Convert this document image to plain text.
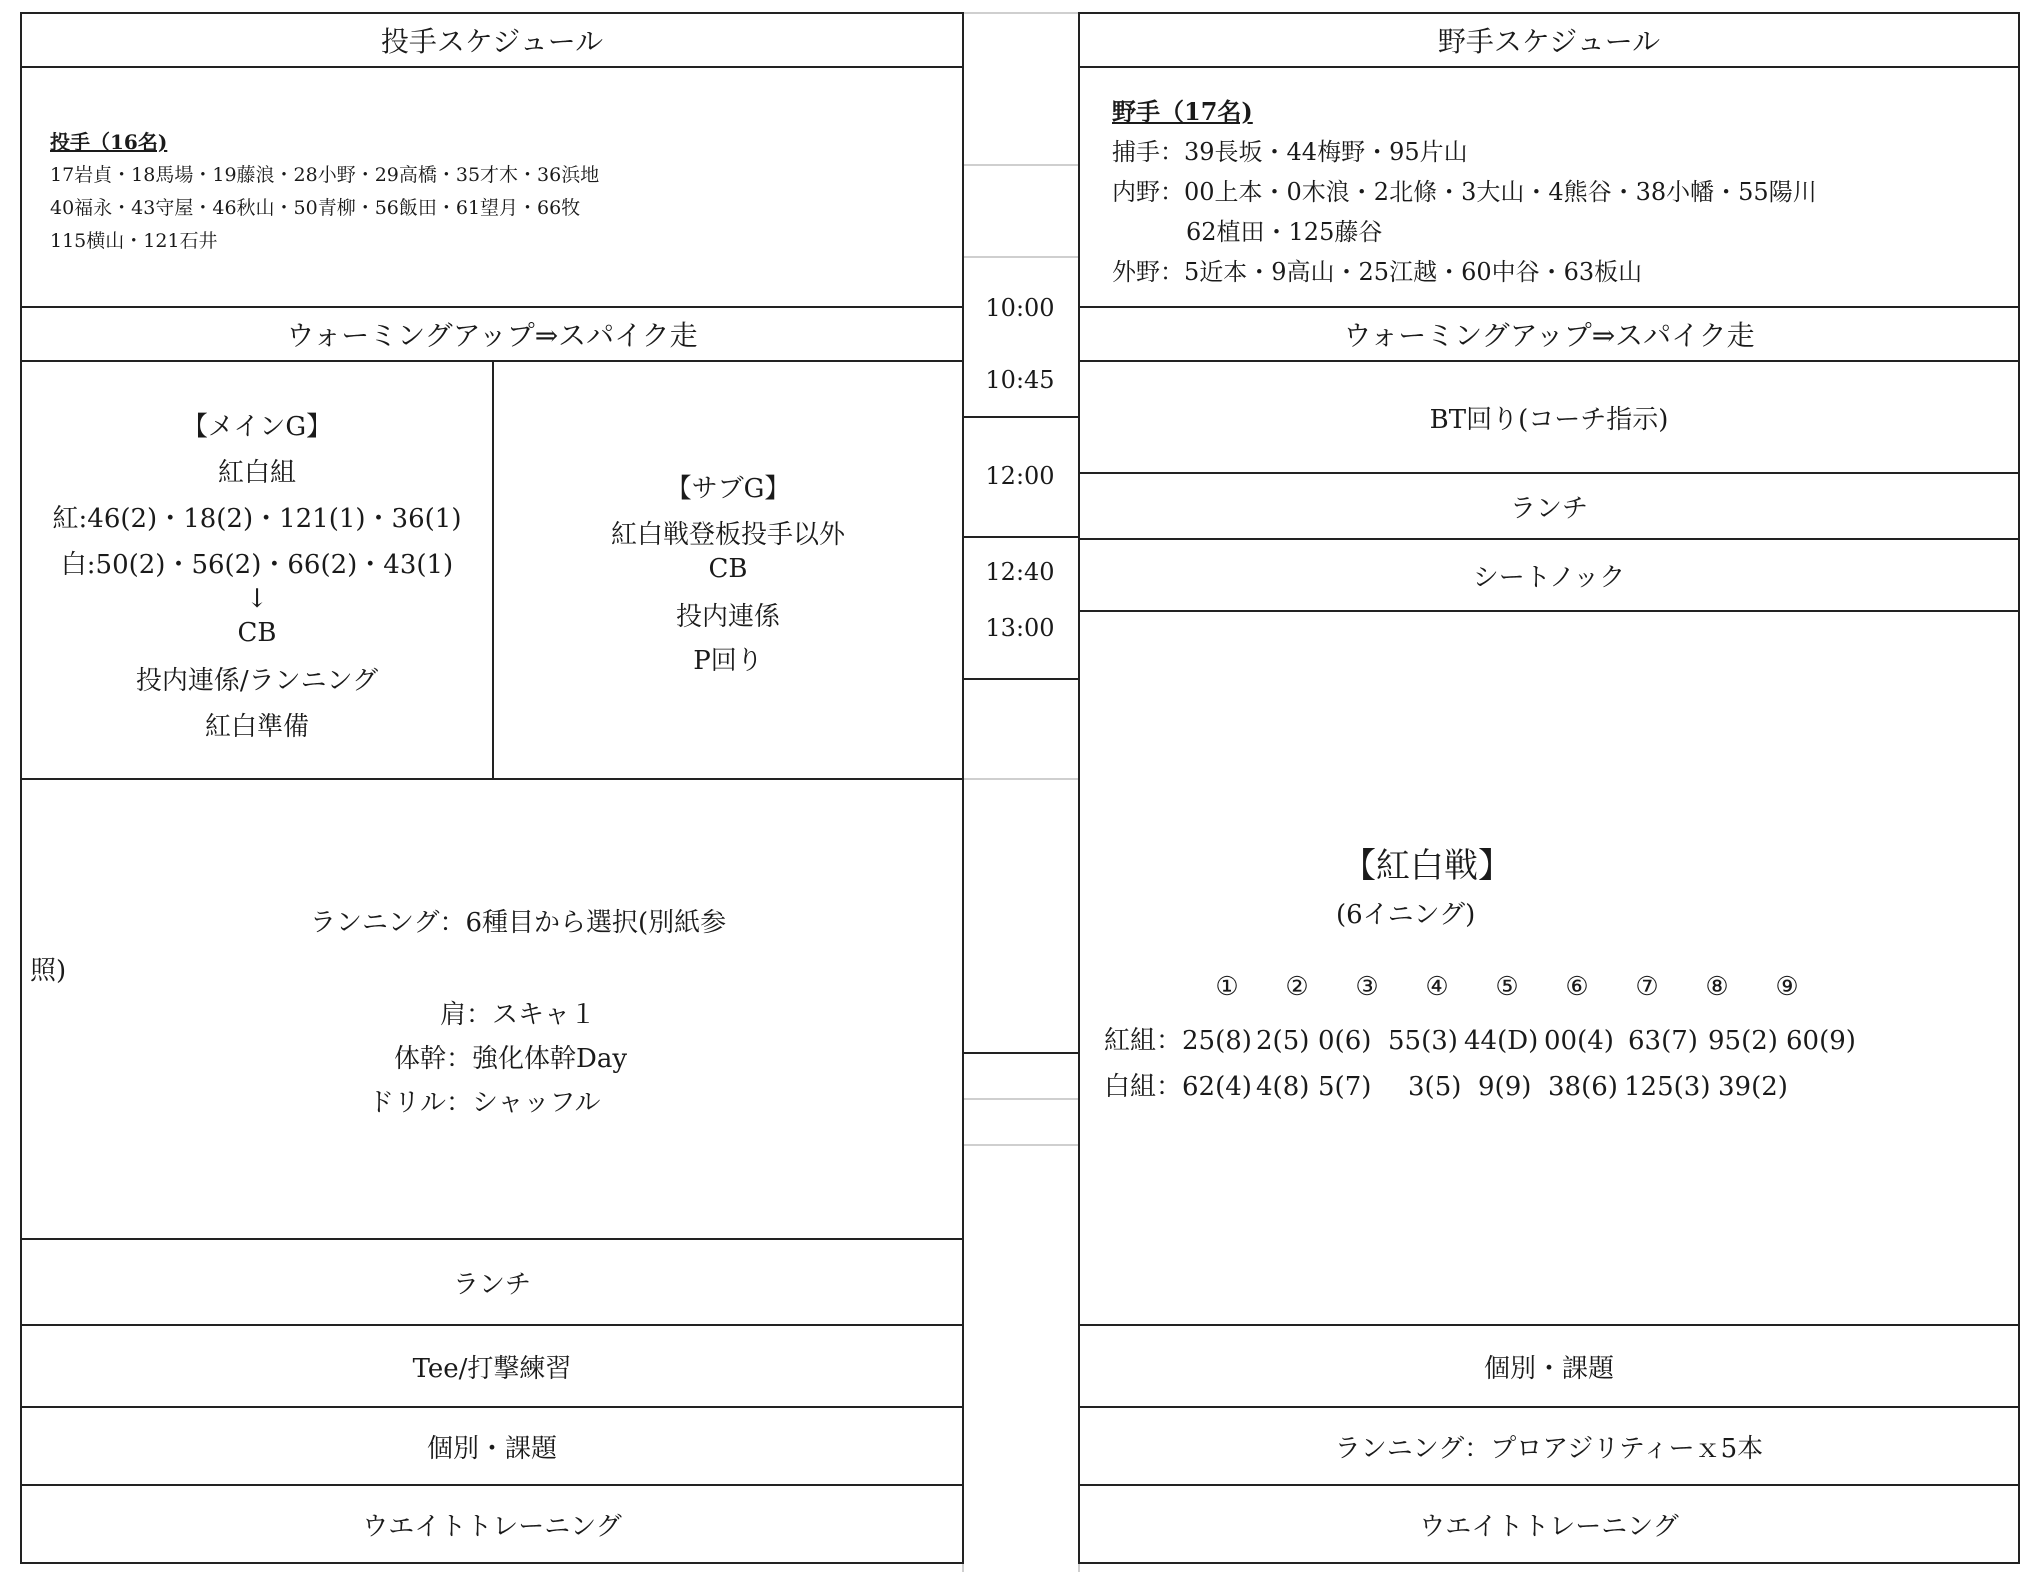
10:00
10:45
12:00
12:40
13:00
投手スケジュール
投手（16名)
17岩貞・18馬場・19藤浪・28小野・29高橋・35才木・36浜地
40福永・43守屋・46秋山・50青柳・56飯田・61望月・66牧
115横山・121石井
ウォーミングアップ⇒スパイク走
【メインG】
紅白組
紅:46(2)・18(2)・121(1)・36(1)
白:50(2)・56(2)・66(2)・43(1)
↓
CB
投内連係/ランニング
紅白準備
【サブG】
紅白戦登板投手以外
CB
投内連係
P回り
ランニング：6種目から選択(別紙参
照)
肩：スキャ１
体幹：強化体幹Day
ドリル：シャッフル
ランチ
Tee/打撃練習
個別・課題
ウエイトトレーニング
野手スケジュール
野手（17名)
捕手：39長坂・44梅野・95片山
内野：00上本・0木浪・2北條・3大山・4熊谷・38小幡・55陽川
62植田・125藤谷
外野：5近本・9高山・25江越・60中谷・63板山
ウォーミングアップ⇒スパイク走
BT回り(コーチ指示)
ランチ
シートノック
【紅白戦】
(6イニング)
① ② ③ ④ ⑤ ⑥ ⑦ ⑧ ⑨
紅組：25(8) 2(5) 0(6) 55(3) 44(D) 00(4) 63(7) 95(2) 60(9)
白組：62(4) 4(8) 5(7) 3(5) 9(9) 38(6) 125(3) 39(2)
個別・課題
ランニング：プロアジリティーｘ5本
ウエイトトレーニング
